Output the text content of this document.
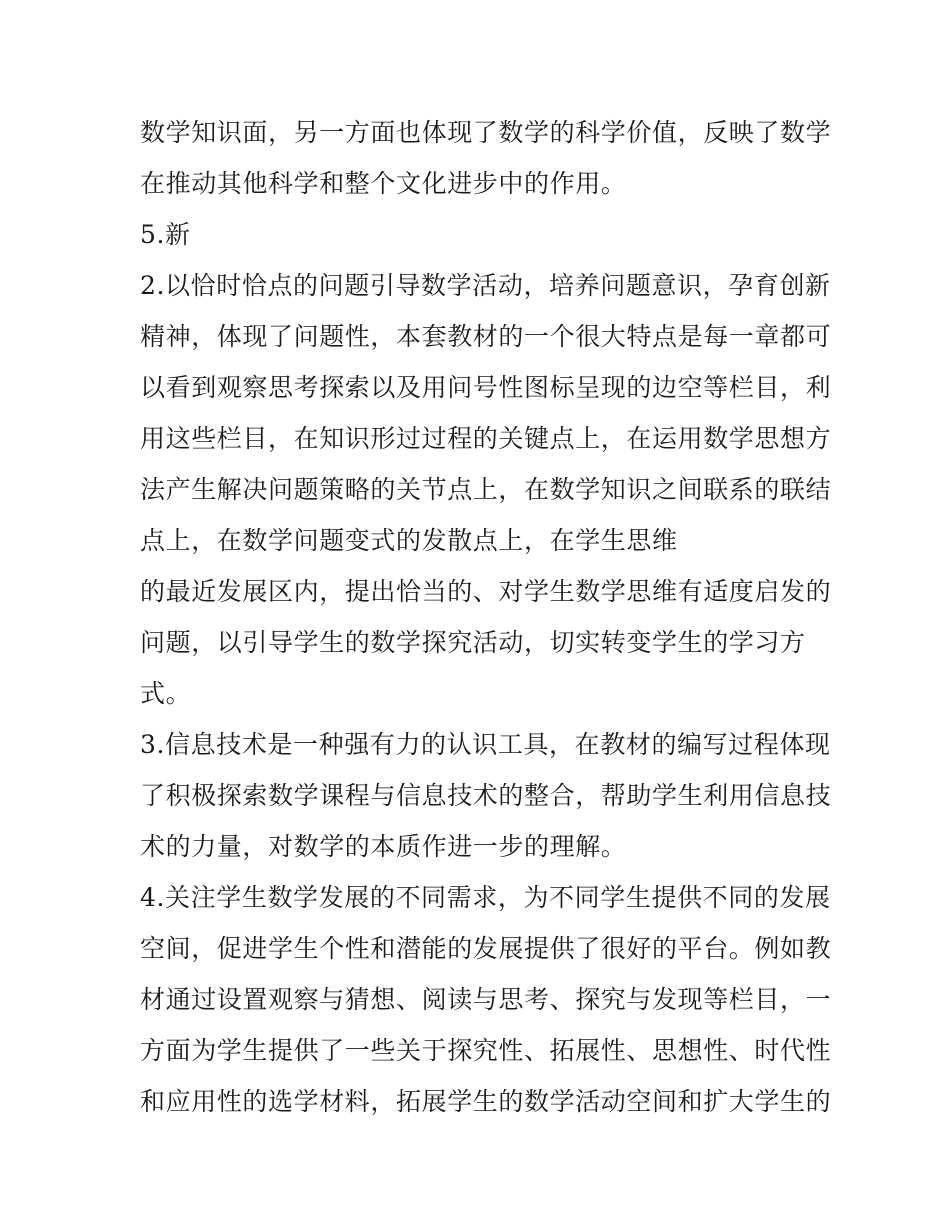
数学知识面，另一方面也体现了数学的科学价值，反映了数学
在推动其他科学和整个文化进步中的作用。
5.新
2.以恰时恰点的问题引导数学活动，培养问题意识，孕育创新
精神，体现了问题性，本套教材的一个很大特点是每一章都可
以看到观察思考探索以及用问号性图标呈现的边空等栏目，利
用这些栏目，在知识形过过程的关键点上，在运用数学思想方
法产生解决问题策略的关节点上，在数学知识之间联系的联结
点上，在数学问题变式的发散点上，在学生思维
的最近发展区内，提出恰当的、对学生数学思维有适度启发的
问题，以引导学生的数学探究活动，切实转变学生的学习方
式。
3.信息技术是一种强有力的认识工具，在教材的编写过程体现
了积极探索数学课程与信息技术的整合，帮助学生利用信息技
术的力量，对数学的本质作进一步的理解。
4.关注学生数学发展的不同需求，为不同学生提供不同的发展
空间，促进学生个性和潜能的发展提供了很好的平台。例如教
材通过设置观察与猜想、阅读与思考、探究与发现等栏目，一
方面为学生提供了一些关于探究性、拓展性、思想性、时代性
和应用性的选学材料，拓展学生的数学活动空间和扩大学生的
